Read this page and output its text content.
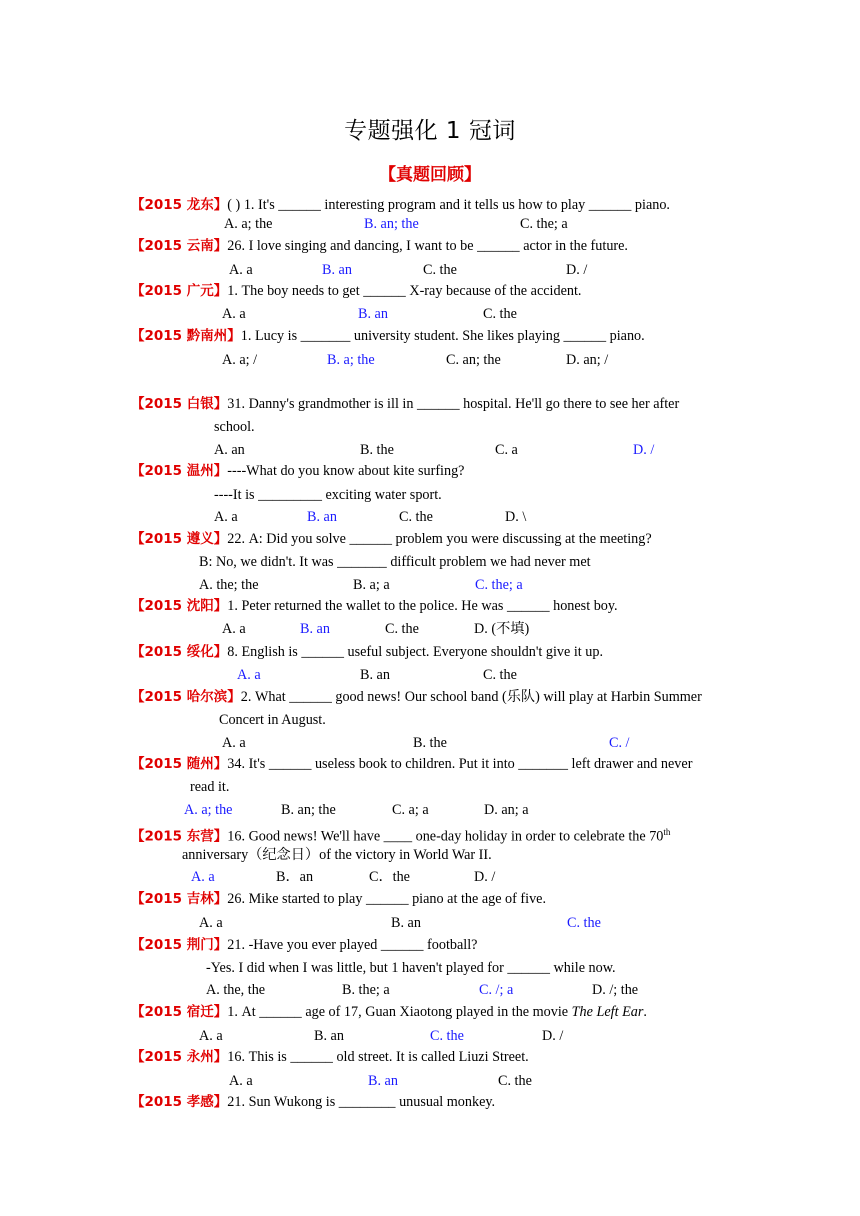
专题强化 1 冠词
【真题回顾】
【2015 龙东】( ) 1. It's ______ interesting program and it tells us how to play ______ piano.
A. a; the	B. an; the	C. the; a
【2015 云南】26. I love singing and dancing, I want to be ______ actor in the future.
A. a	B. an	C. the	D. /
【2015 广元】1. The boy needs to get ______ X-ray because of the accident.
A. a	B. an	C. the
【2015 黔南州】1. Lucy is _______ university student. She likes playing ______ piano.
A. a; /	B. a; the	C. an; the	D. an; /
【2015 白银】31. Danny's grandmother is ill in ______ hospital. He'll go there to see her after
school.
A. an	B. the	C. a	D. /
【2015 温州】----What do you know about kite surfing?
----It is _________ exciting water sport.
A. a	B. an	C. the	D. \
【2015 遵义】22. A: Did you solve ______ problem you were discussing at the meeting?
B: No, we didn't. It was _______ difficult problem we had never met
A. the; the	B. a; a	C. the; a
【2015 沈阳】1. Peter returned the wallet to the police. He was ______ honest boy.
A. a	B. an	C. the	D. (不填)
【2015 绥化】8. English is ______ useful subject. Everyone shouldn't give it up.
A. a	B. an	C. the
【2015 哈尔滨】2. What ______ good news! Our school band (乐队) will play at Harbin Summer
Concert in August.
A. a	B. the	C. /
【2015 随州】34. It's ______ useless book to children. Put it into _______ left drawer and never
read it.
A. a; the	B. an; the	C. a; a	D. an; a
【2015 东营】16. Good news! We'll have ____ one-day holiday in order to celebrate the 70th
anniversary（纪念日）of the victory in World War II.
A. a	B．an	C．the	D. /
【2015 吉林】26. Mike started to play ______ piano at the age of five.
A. a	B. an	C. the
【2015 荆门】21. -Have you ever played ______ football?
-Yes. I did when I was little, but 1 haven't played for ______ while now.
A. the, the	B. the; a	C. /; a	D. /; the
【2015 宿迁】1. At ______ age of 17, Guan Xiaotong played in the movie The Left Ear.
A. a	B. an	C. the	D. /
【2015 永州】16. This is ______ old street. It is called Liuzi Street.
A. a	B. an	C. the
【2015 孝感】21. Sun Wukong is ________ unusual monkey.
